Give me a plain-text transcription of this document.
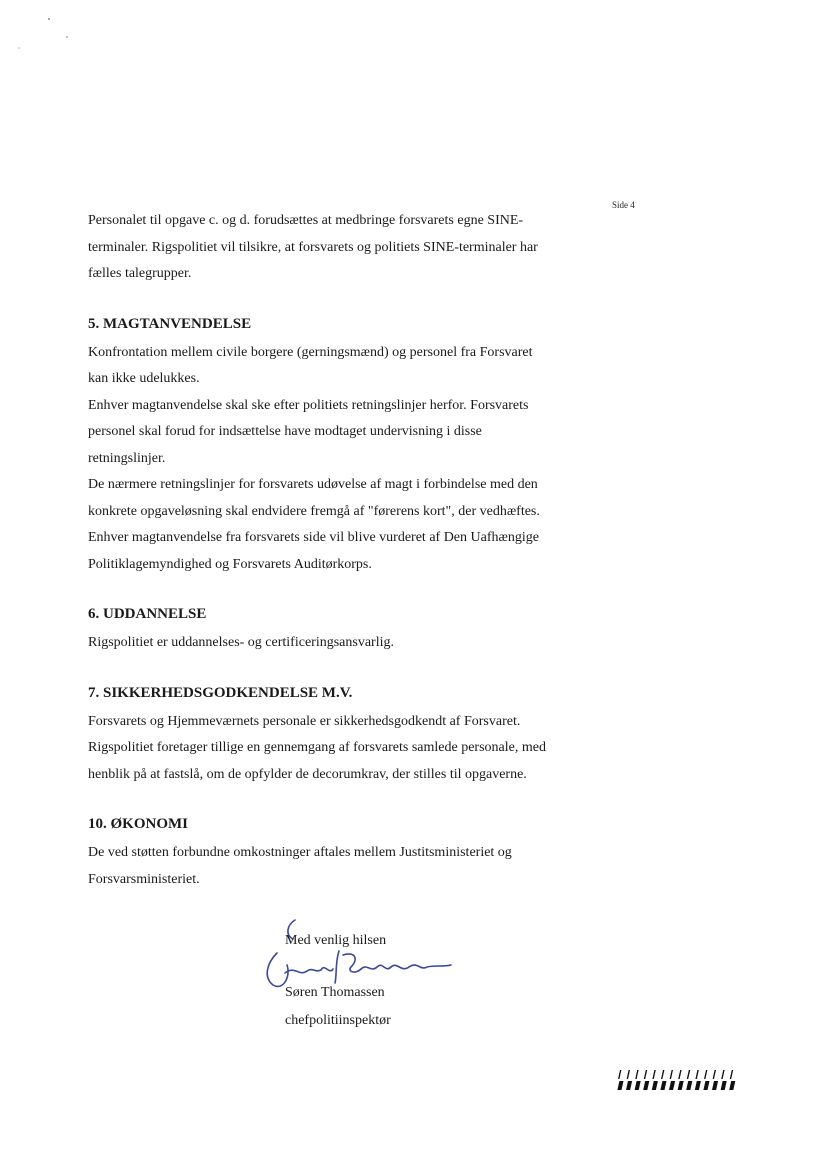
Side 4

Personalet til opgave c. og d. forudsættes at medbringe forsvarets egne SINE-
terminaler. Rigspolitiet vil tilsikre, at forsvarets og politiets SINE-terminaler har
fælles talegrupper.

5. MAGTANVENDELSE

Konfrontation mellem civile borgere (gerningsmænd) og personel fra Forsvaret
kan ikke udelukkes.
Enhver magtanvendelse skal ske efter politiets retningslinjer herfor. Forsvarets
personel skal forud for indsættelse have modtaget undervisning i disse
retningslinjer.
De nærmere retningslinjer for forsvarets udøvelse af magt i forbindelse med den
konkrete opgaveløsning skal endvidere fremgå af "førerens kort", der vedhæftes.
Enhver magtanvendelse fra forsvarets side vil blive vurderet af Den Uafhængige
Politiklagemyndighed og Forsvarets Auditørkorps.

6. UDDANNELSE

Rigspolitiet er uddannelses- og certificeringsansvarlig.

7. SIKKERHEDSGODKENDELSE M.V.

Forsvarets og Hjemmeværnets personale er sikkerhedsgodkendt af Forsvaret.
Rigspolitiet foretager tillige en gennemgang af forsvarets samlede personale, med
henblik på at fastslå, om de opfylder de decorumkrav, der stilles til opgaverne.

10. ØKONOMI

De ved støtten forbundne omkostninger aftales mellem Justitsministeriet og
Forsvarsministeriet.

Med venlig hilsen
Søren Thomassen
chefpolitiinspektør
